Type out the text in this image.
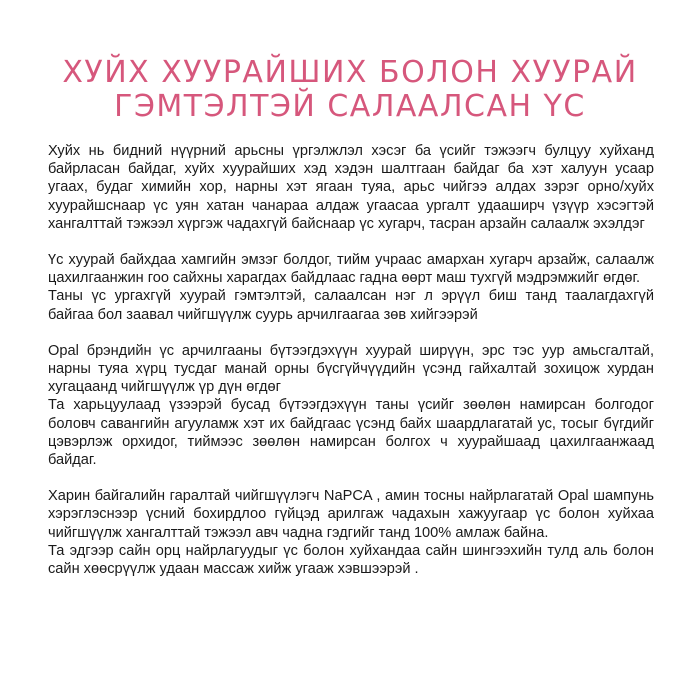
ХУЙХ ХУУРАЙШИХ БОЛОН ХУУРАЙ
ГЭМТЭЛТЭЙ САЛААЛСАН ҮС

Хуйх нь бидний нүүрний арьсны үргэлжлэл хэсэг ба үсийг тэжээгч булцуу хуйханд байрласан байдаг, хуйх хуурайших хэд хэдэн шалтгаан байдаг ба хэт халуун усаар угаах, будаг химийн хор, нарны хэт ягаан туяа, арьс чийгээ алдах зэрэг орно/хуйх хуурайшснаар үс уян хатан чанараа алдаж угаасаа ургалт удааширч үзүүр хэсэгтэй хангалттай тэжээл хүргэж чадахгүй байснаар үс хугарч, тасран арзайн салаалж эхэлдэг

Үс хуурай байхдаа хамгийн эмзэг болдог, тийм учраас амархан хугарч арзайж, салаалж цахилгаанжин гоо сайхны харагдах байдлаас гадна өөрт маш тухгүй мэдрэмжийг өгдөг.
Таны үс ургахгүй хуурай гэмтэлтэй, салаалсан нэг л эрүүл биш танд таалагдахгүй байгаа бол заавал чийгшүүлж суурь арчилгаагаа зөв хийгээрэй

Opal брэндийн үс арчилгааны бүтээгдэхүүн хуурай ширүүн, эрс тэс уур амьсгалтай, нарны туяа хүрц тусдаг манай орны бүсгүйчүүдийн үсэнд гайхалтай зохицож хурдан хугацаанд чийгшүүлж үр дүн өгдөг
Та харьцуулаад үзээрэй бусад бүтээгдэхүүн таны үсийг зөөлөн намирсан болгодог боловч савангийн агууламж хэт их байдгаас үсэнд байх шаардлагатай ус, тосыг бүгдийг цэвэрлэж орхидог, тиймээс зөөлөн намирсан болгох ч хуурайшаад цахилгаанжаад байдаг.

Харин байгалийн гаралтай чийгшүүлэгч NaPCA , амин тосны найрлагатай Opal шампунь хэрэглэснээр үсний бохирдлоо гүйцэд арилгаж чадахын хажуугаар үс болон хуйхаа чийгшүүлж хангалттай тэжээл авч чадна гэдгийг танд 100% амлаж байна.
Та эдгээр сайн орц найрлагуудыг үс болон хуйхандаа сайн шингээхийн тулд аль болон сайн хөөсрүүлж удаан массаж хийж угааж хэвшээрэй .
